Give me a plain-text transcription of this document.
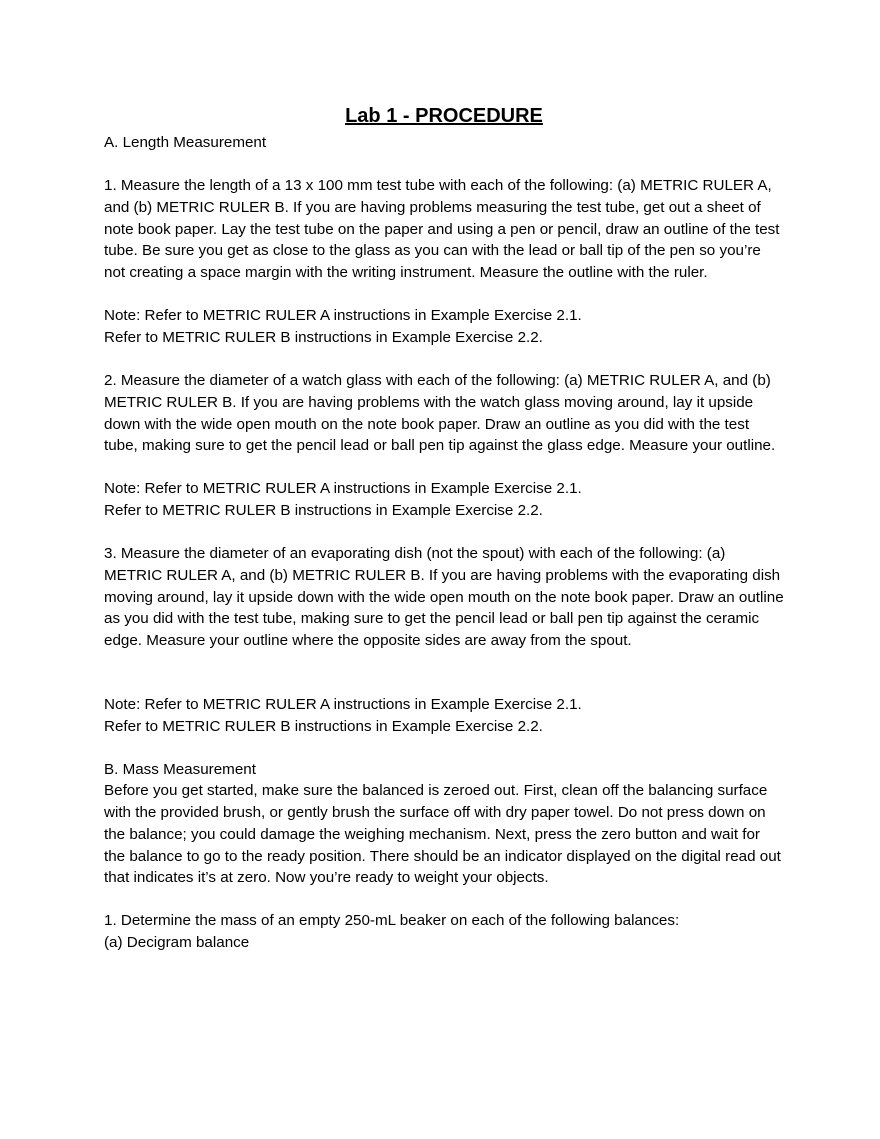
Lab 1 - PROCEDURE

A. Length Measurement

1. Measure the length of a 13 x 100 mm test tube with each of the following: (a) METRIC RULER A, and (b) METRIC RULER B. If you are having problems measuring the test tube, get out a sheet of note book paper. Lay the test tube on the paper and using a pen or pencil, draw an outline of the test tube. Be sure you get as close to the glass as you can with the lead or ball tip of the pen so you’re not creating a space margin with the writing instrument. Measure the outline with the ruler.

Note: Refer to METRIC RULER A instructions in Example Exercise 2.1.

Refer to METRIC RULER B instructions in Example Exercise 2.2.

2. Measure the diameter of a watch glass with each of the following: (a) METRIC RULER A, and (b) METRIC RULER B. If you are having problems with the watch glass moving around, lay it upside down with the wide open mouth on the note book paper. Draw an outline as you did with the test tube, making sure to get the pencil lead or ball pen tip against the glass edge. Measure your outline.

Note: Refer to METRIC RULER A instructions in Example Exercise 2.1.

Refer to METRIC RULER B instructions in Example Exercise 2.2.

3. Measure the diameter of an evaporating dish (not the spout) with each of the following: (a) METRIC RULER A, and (b) METRIC RULER B. If you are having problems with the evaporating dish moving around, lay it upside down with the wide open mouth on the note book paper. Draw an outline as you did with the test tube, making sure to get the pencil lead or ball pen tip against the ceramic edge. Measure your outline where the opposite sides are away from the spout.

Note: Refer to METRIC RULER A instructions in Example Exercise 2.1.

Refer to METRIC RULER B instructions in Example Exercise 2.2.

B. Mass Measurement

Before you get started, make sure the balanced is zeroed out. First, clean off the balancing surface with the provided brush, or gently brush the surface off with dry paper towel. Do not press down on the balance; you could damage the weighing mechanism. Next, press the zero button and wait for the balance to go to the ready position. There should be an indicator displayed on the digital read out that indicates it’s at zero. Now you’re ready to weight your objects.

1. Determine the mass of an empty 250-mL beaker on each of the following balances:

(a) Decigram balance
